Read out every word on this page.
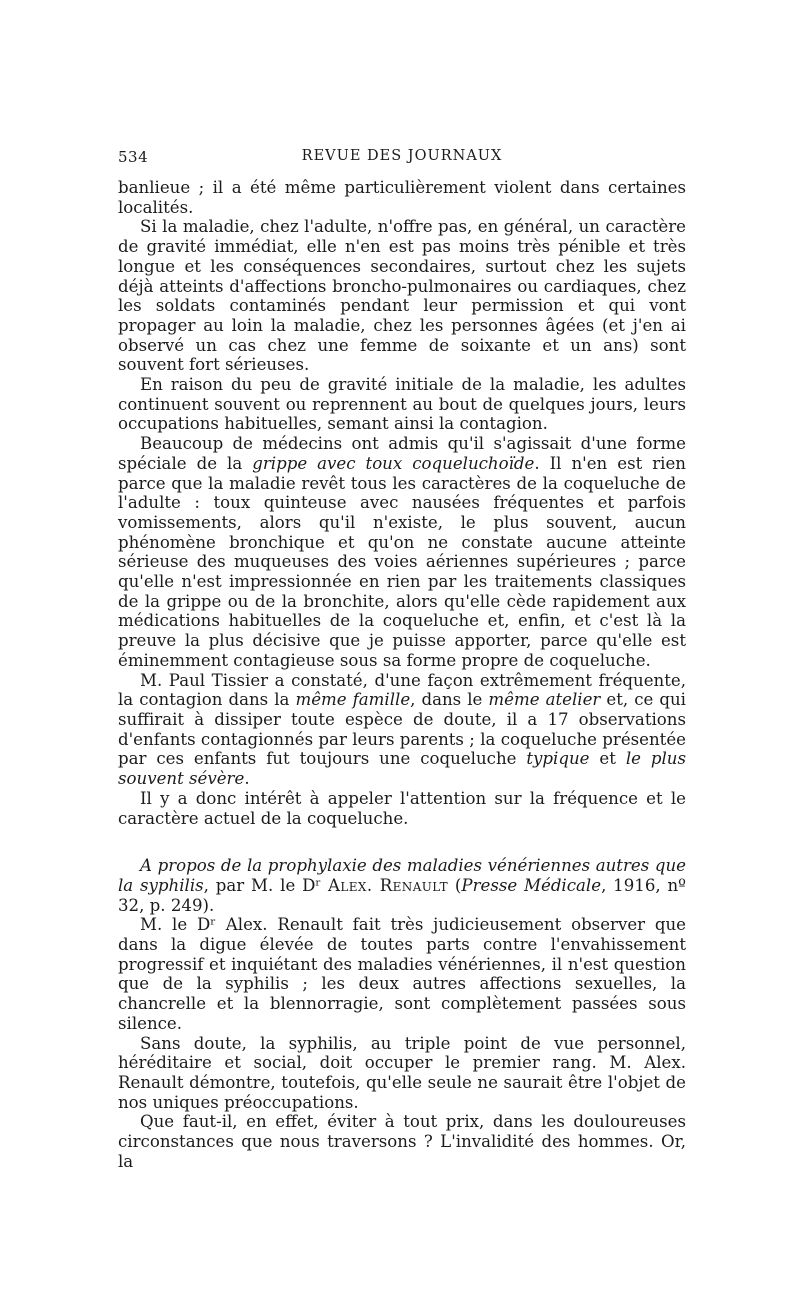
534	REVUE DES JOURNAUX

banlieue ; il a été même particulièrement violent dans certaines localités.

Si la maladie, chez l'adulte, n'offre pas, en général, un caractère de gravité immédiat, elle n'en est pas moins très pénible et très longue et les conséquences secondaires, surtout chez les sujets déjà atteints d'affections broncho-pulmonaires ou cardiaques, chez les soldats contaminés pendant leur permission et qui vont propager au loin la maladie, chez les personnes âgées (et j'en ai observé un cas chez une femme de soixante et un ans) sont souvent fort sérieuses.

En raison du peu de gravité initiale de la maladie, les adultes continuent souvent ou reprennent au bout de quelques jours, leurs occupations habituelles, semant ainsi la contagion.

Beaucoup de médecins ont admis qu'il s'agissait d'une forme spéciale de la grippe avec toux coqueluchoïde. Il n'en est rien parce que la maladie revêt tous les caractères de la coqueluche de l'adulte : toux quinteuse avec nausées fréquentes et parfois vomissements, alors qu'il n'existe, le plus souvent, aucun phénomène bronchique et qu'on ne constate aucune atteinte sérieuse des muqueuses des voies aériennes supérieures ; parce qu'elle n'est impressionnée en rien par les traitements classiques de la grippe ou de la bronchite, alors qu'elle cède rapidement aux médications habituelles de la coqueluche et, enfin, et c'est là la preuve la plus décisive que je puisse apporter, parce qu'elle est éminemment contagieuse sous sa forme propre de coqueluche.

M. Paul Tissier a constaté, d'une façon extrêmement fréquente, la contagion dans la même famille, dans le même atelier et, ce qui suffirait à dissiper toute espèce de doute, il a 17 observations d'enfants contagionnés par leurs parents ; la coqueluche présentée par ces enfants fut toujours une coqueluche typique et le plus souvent sévère.

Il y a donc intérêt à appeler l'attention sur la fréquence et le caractère actuel de la coqueluche.

A propos de la prophylaxie des maladies vénériennes autres que la syphilis, par M. le Dʳ Alex. Renault (Presse Médicale, 1916, nº 32, p. 249).

M. le Dʳ Alex. Renault fait très judicieusement observer que dans la digue élevée de toutes parts contre l'envahissement progressif et inquiétant des maladies vénériennes, il n'est question que de la syphilis ; les deux autres affections sexuelles, la chancrelle et la blennorragie, sont complètement passées sous silence.

Sans doute, la syphilis, au triple point de vue personnel, héréditaire et social, doit occuper le premier rang. M. Alex. Renault démontre, toutefois, qu'elle seule ne saurait être l'objet de nos uniques préoccupations.

Que faut-il, en effet, éviter à tout prix, dans les douloureuses circonstances que nous traversons ? L'invalidité des hommes. Or, la
